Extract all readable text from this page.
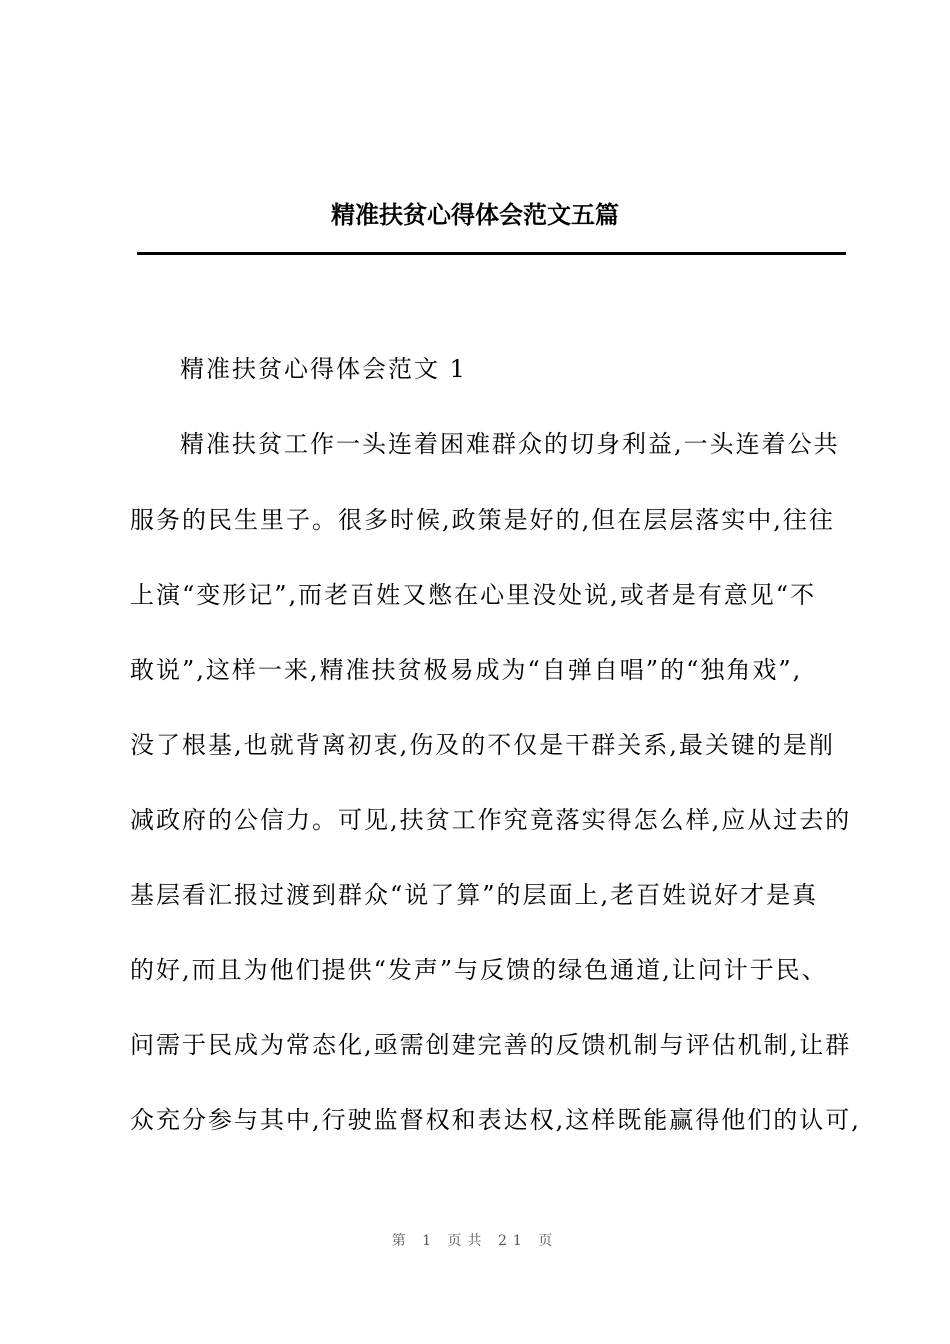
精准扶贫心得体会范文五篇
精准扶贫心得体会范文 1
精准扶贫工作一头连着困难群众的切身利益,一头连着公共
服务的民生里子。很多时候,政策是好的,但在层层落实中,往往
上演“变形记”,而老百姓又憋在心里没处说,或者是有意见“不
敢说”,这样一来,精准扶贫极易成为“自弹自唱”的“独角戏”,
没了根基,也就背离初衷,伤及的不仅是干群关系,最关键的是削
减政府的公信力。可见,扶贫工作究竟落实得怎么样,应从过去的
基层看汇报过渡到群众“说了算”的层面上,老百姓说好才是真
的好,而且为他们提供“发声”与反馈的绿色通道,让问计于民、
问需于民成为常态化,亟需创建完善的反馈机制与评估机制,让群
众充分参与其中,行驶监督权和表达权,这样既能赢得他们的认可,
第 1 页共 21 页
